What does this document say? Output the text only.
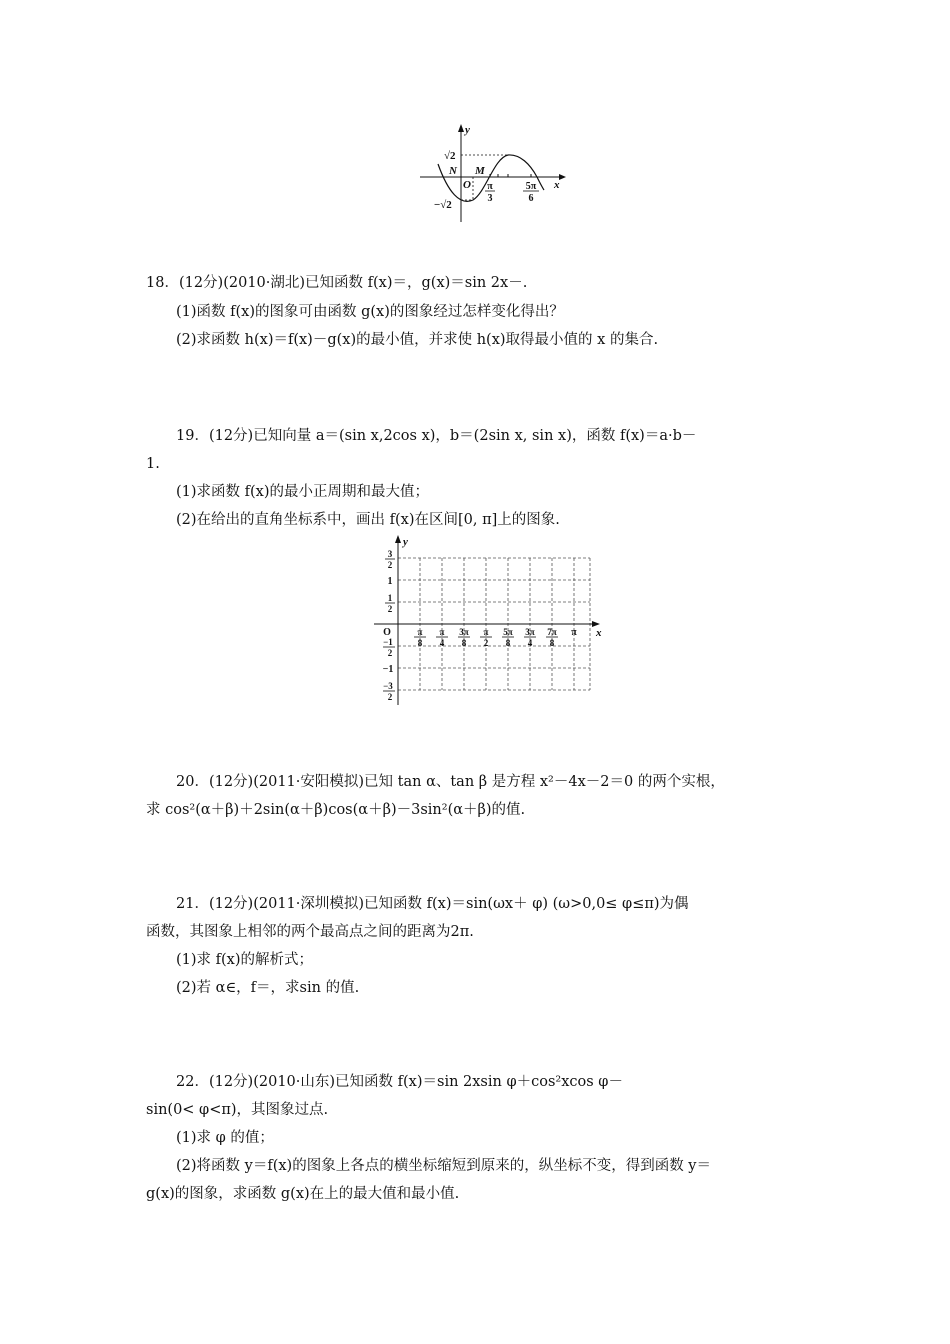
y
x
√2
N M
O
−√2
π
3
5π
6
18．(12分)(2010·湖北)已知函数 f(x)＝，g(x)＝sin 2x－.
(1)函数 f(x)的图象可由函数 g(x)的图象经过怎样变化得出？
(2)求函数 h(x)＝f(x)－g(x)的最小值，并求使 h(x)取得最小值的 x 的集合.
19．(12分)已知向量 a＝(sin x,2cos x)，b＝(2sin x, sin x)，函数 f(x)＝a·b－
1.
(1)求函数 f(x)的最小正周期和最大值；
(2)在给出的直角坐标系中，画出 f(x)在区间[0, π]上的图象.
y
x
O
3
2
1
1
2
−1
2
−1
−3
2
π
8
π
4
3π
8
π
2
5π
8
3π
4
7π
8
π
20．(12分)(2011·安阳模拟)已知 tan α、tan β 是方程 x²－4x－2＝0 的两个实根，
求 cos²(α＋β)＋2sin(α＋β)cos(α＋β)－3sin²(α＋β)的值.
21．(12分)(2011·深圳模拟)已知函数 f(x)＝sin(ωx＋ φ) (ω>0,0≤ φ≤π)为偶
函数，其图象上相邻的两个最高点之间的距离为2π.
(1)求 f(x)的解析式；
(2)若 α∈，f＝，求sin 的值.
22．(12分)(2010·山东)已知函数 f(x)＝sin 2xsin φ＋cos²xcos φ－
sin(0< φ<π)，其图象过点.
(1)求 φ 的值；
(2)将函数 y＝f(x)的图象上各点的横坐标缩短到原来的，纵坐标不变，得到函数 y＝
g(x)的图象，求函数 g(x)在上的最大值和最小值.
